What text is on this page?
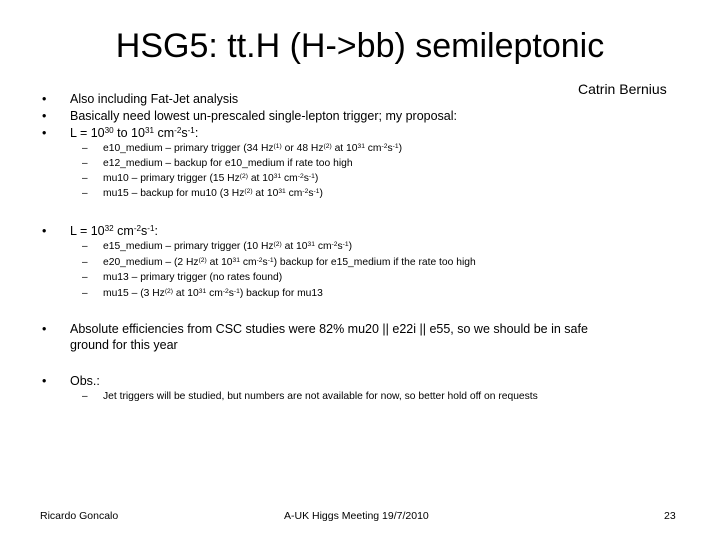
HSG5: tt.H (H->bb) semileptonic
Catrin Bernius
• Also including Fat-Jet analysis
• Basically need lowest un-prescaled single-lepton trigger; my proposal:
• $L = 10^{30}$ to $10^{31}$ $cm^{-2}s^{-1}$:
– e10_medium – primary trigger (34 Hz$^{(1)}$ or 48 Hz$^{(2)}$ at $10^{31}$ $cm^{-2}s^{-1}$)
– e12_medium – backup for e10_medium if rate too high
– mu10 – primary trigger (15 Hz$^{(2)}$ at $10^{31}$ $cm^{-2}s^{-1}$)
– mu15 – backup for mu10 (3 Hz$^{(2)}$ at $10^{31}$ $cm^{-2}s^{-1}$)
• $L = 10^{32}$ $cm^{-2}s^{-1}$:
– e15_medium – primary trigger (10 Hz$^{(2)}$ at $10^{31}$ $cm^{-2}s^{-1}$)
– e20_medium – (2 Hz$^{(2)}$ at $10^{31}$ $cm^{-2}s^{-1}$) backup for e15_medium if the rate too high
– mu13 – primary trigger (no rates found)
– mu15 – (3 Hz$^{(2)}$ at $10^{31}$ $cm^{-2}s^{-1}$) backup for mu13
• Absolute efficiencies from CSC studies were 82% mu20 || e22i || e55, so we should be in safe
ground for this year
• Obs.:
– Jet triggers will be studied, but numbers are not available for now, so better hold off on requests
Ricardo Goncalo	A-UK Higgs Meeting 19/7/2010	23
